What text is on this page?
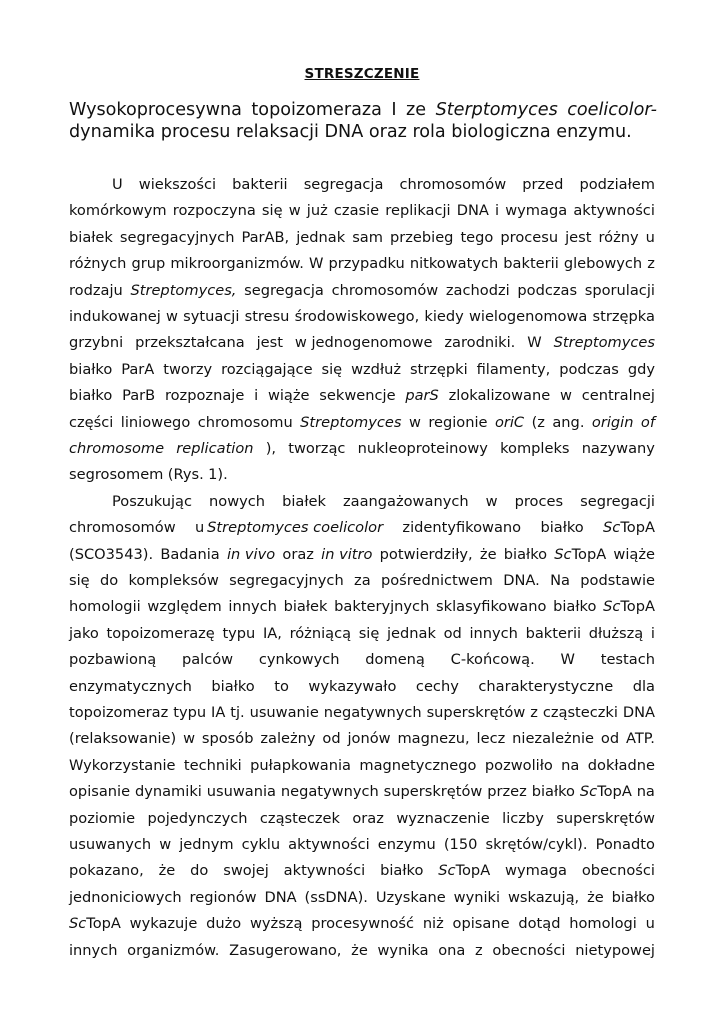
STRESZCZENIE
Wysokoprocesywna topoizomeraza I ze Sterptomyces coelicolor-
dynamika procesu relaksacji DNA oraz rola biologiczna enzymu.
U wiekszości bakterii segregacja chromosomów przed podziałem
komórkowym rozpoczyna się w już czasie replikacji DNA i wymaga aktywności
białek segregacyjnych ParAB, jednak sam przebieg tego procesu jest różny u
różnych grup mikroorganizmów. W przypadku nitkowatych bakterii glebowych z
rodzaju Streptomyces, segregacja chromosomów zachodzi podczas sporulacji
indukowanej w sytuacji stresu środowiskowego, kiedy wielogenomowa strzępka
grzybni przekształcana jest w jednogenomowe zarodniki. W Streptomyces
białko ParA tworzy rozciągające się wzdłuż strzępki filamenty, podczas gdy
białko ParB rozpoznaje i wiąże sekwencje parS zlokalizowane w centralnej
części liniowego chromosomu Streptomyces w regionie oriC (z ang. origin of
chromosome replication ), tworząc nukleoproteinowy kompleks nazywany
segrosomem (Rys. 1).
Poszukując nowych białek zaangażowanych w proces segregacji
chromosomów u Streptomyces coelicolor zidentyfikowano białko ScTopA
(SCO3543). Badania in vivo oraz in vitro potwierdziły, że białko ScTopA wiąże
się do kompleksów segregacyjnych za pośrednictwem DNA. Na podstawie
homologii względem innych białek bakteryjnych sklasyfikowano białko ScTopA
jako topoizomerazę typu IA, różniącą się jednak od innych bakterii dłuższą i
pozbawioną palców cynkowych domeną C-końcową. W testach
enzymatycznych białko to wykazywało cechy charakterystyczne dla
topoizomeraz typu IA tj. usuwanie negatywnych superskrętów z cząsteczki DNA
(relaksowanie) w sposób zależny od jonów magnezu, lecz niezależnie od ATP.
Wykorzystanie techniki pułapkowania magnetycznego pozwoliło na dokładne
opisanie dynamiki usuwania negatywnych superskrętów przez białko ScTopA na
poziomie pojedynczych cząsteczek oraz wyznaczenie liczby superskrętów
usuwanych w jednym cyklu aktywności enzymu (150 skrętów/cykl). Ponadto
pokazano, że do swojej aktywności białko ScTopA wymaga obecności
jednoniciowych regionów DNA (ssDNA). Uzyskane wyniki wskazują, że białko
ScTopA wykazuje dużo wyższą procesywność niż opisane dotąd homologi u
innych organizmów. Zasugerowano, że wynika ona z obecności nietypowej
